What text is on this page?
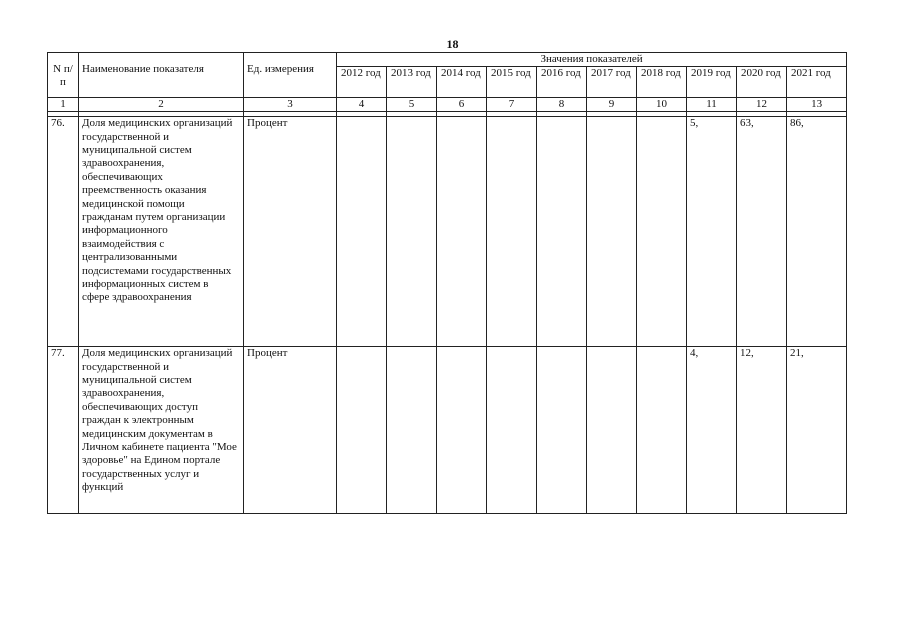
18
N п/п	Наименование показателя	Ед. измерения	Значения показателей									
			2012 год	2013 год	2014 год	2015 год	2016 год	2017 год	2018 год	2019 год	2020 год	2021 год
1	2	3	4	5	6	7	8	9	10	11	12	13

76.	Доля медицинских организаций государственной и муниципальной систем здравоохранения, обеспечивающих преемственность оказания медицинской помощи гражданам путем организации информационного взаимодействия с централизованными подсистемами государственных информационных систем в сфере здравоохранения	Процент								5,	63,	86,
77.	Доля медицинских организаций государственной и муниципальной систем здравоохранения, обеспечивающих доступ граждан к электронным медицинским документам в Личном кабинете пациента "Мое здоровье" на Едином портале государственных услуг и функций	Процент								4,	12,	21,
